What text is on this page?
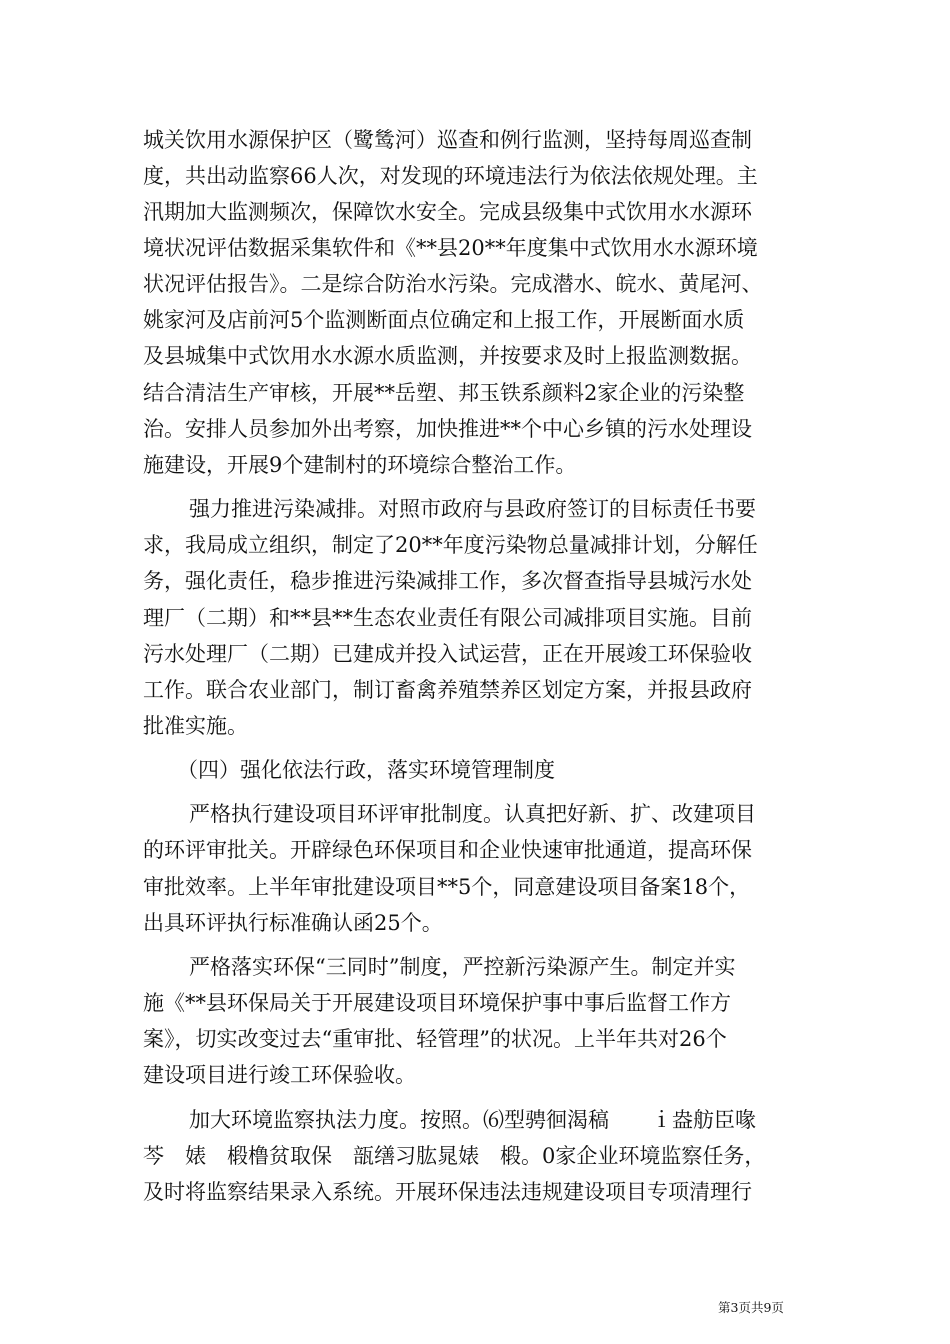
城关饮用水源保护区（鹭鸶河）巡查和例行监测，坚持每周巡查制

度，共出动监察66人次，对发现的环境违法行为依法依规处理。主

汛期加大监测频次，保障饮水安全。完成县级集中式饮用水水源环

境状况评估数据采集软件和《**县20**年度集中式饮用水水源环境

状况评估报告》。二是综合防治水污染。完成潜水、皖水、黄尾河、

姚家河及店前河5个监测断面点位确定和上报工作，开展断面水质

及县城集中式饮用水水源水质监测，并按要求及时上报监测数据。

结合清洁生产审核，开展**岳塑、邦玉铁系颜料2家企业的污染整

治。安排人员参加外出考察，加快推进**个中心乡镇的污水处理设

施建设，开展9个建制村的环境综合整治工作。

强力推进污染减排。对照市政府与县政府签订的目标责任书要

求，我局成立组织，制定了20**年度污染物总量减排计划，分解任

务，强化责任，稳步推进污染减排工作，多次督查指导县城污水处

理厂（二期）和**县**生态农业责任有限公司减排项目实施。目前

污水处理厂（二期）已建成并投入试运营，正在开展竣工环保验收

工作。联合农业部门，制订畜禽养殖禁养区划定方案，并报县政府

批准实施。

（四）强化依法行政，落实环境管理制度

严格执行建设项目环评审批制度。认真把好新、扩、改建项目

的环评审批关。开辟绿色环保项目和企业快速审批通道，提高环保

审批效率。上半年审批建设项目**5个，同意建设项目备案18个，

出具环评执行标准确认函25个。

严格落实环保“三同时”制度，严控新污染源产生。制定并实

施《**县环保局关于开展建设项目环境保护事中事后监督工作方

案》，切实改变过去“重审批、轻管理”的状况。上半年共对26个

建设项目进行竣工环保验收。

加大环境监察执法力度。按照。⑹型骋徊渴稿　　ｉ盎舫臣喙

芩　婊　椴橹贫取保　瓿缮习肱晁婊　椴。0家企业环境监察任务，

及时将监察结果录入系统。开展环保违法违规建设项目专项清理行

第3页共9页
